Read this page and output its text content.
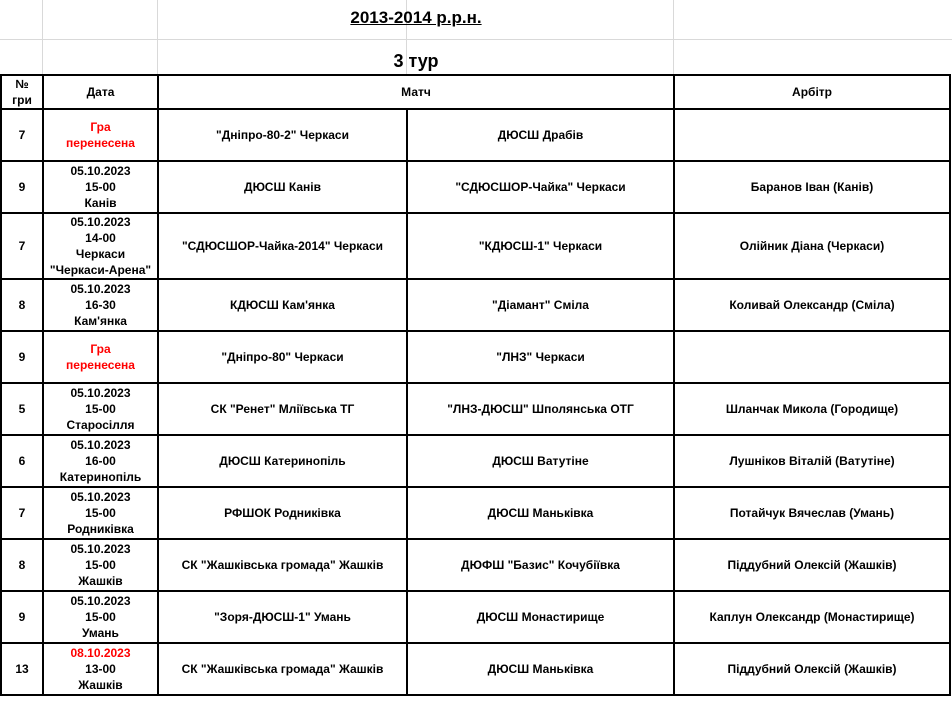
2013-2014 р.р.н.
3 тур
№ гри	Дата	Матч		Арбітр
7	Гра
перенесена	"Дніпро-80-2" Черкаси	ДЮСШ Драбів	
9	05.10.2023
15-00
Канів	ДЮСШ Канів	"СДЮСШОР-Чайка" Черкаси	Баранов Іван (Канів)
7	05.10.2023
14-00
Черкаси
"Черкаси-Арена"	"СДЮСШОР-Чайка-2014" Черкаси	"КДЮСШ-1" Черкаси	Олійник Діана (Черкаси)
8	05.10.2023
16-30
Кам'янка	КДЮСШ Кам'янка	"Діамант" Сміла	Коливай Олександр (Сміла)
9	Гра
перенесена	"Дніпро-80" Черкаси	"ЛНЗ" Черкаси	
5	05.10.2023
15-00
Старосілля	СК "Ренет" Мліївська ТГ	"ЛНЗ-ДЮСШ" Шполянська ОТГ	Шланчак Микола (Городище)
6	05.10.2023
16-00
Катеринопіль	ДЮСШ Катеринопіль	ДЮСШ Ватутіне	Лушніков Віталій (Ватутіне)
7	05.10.2023
15-00
Родниківка	РФШОК Родниківка	ДЮСШ Маньківка	Потайчук Вячеслав (Умань)
8	05.10.2023
15-00
Жашків	СК "Жашківська громада" Жашків	ДЮФШ "Базис" Кочубіївка	Піддубний Олексій (Жашків)
9	05.10.2023
15-00
Умань	"Зоря-ДЮСШ-1" Умань	ДЮСШ Монастирище	Каплун Олександр (Монастирище)
13	08.10.2023
13-00
Жашків	СК "Жашківська громада" Жашків	ДЮСШ Маньківка	Піддубний Олексій (Жашків)
